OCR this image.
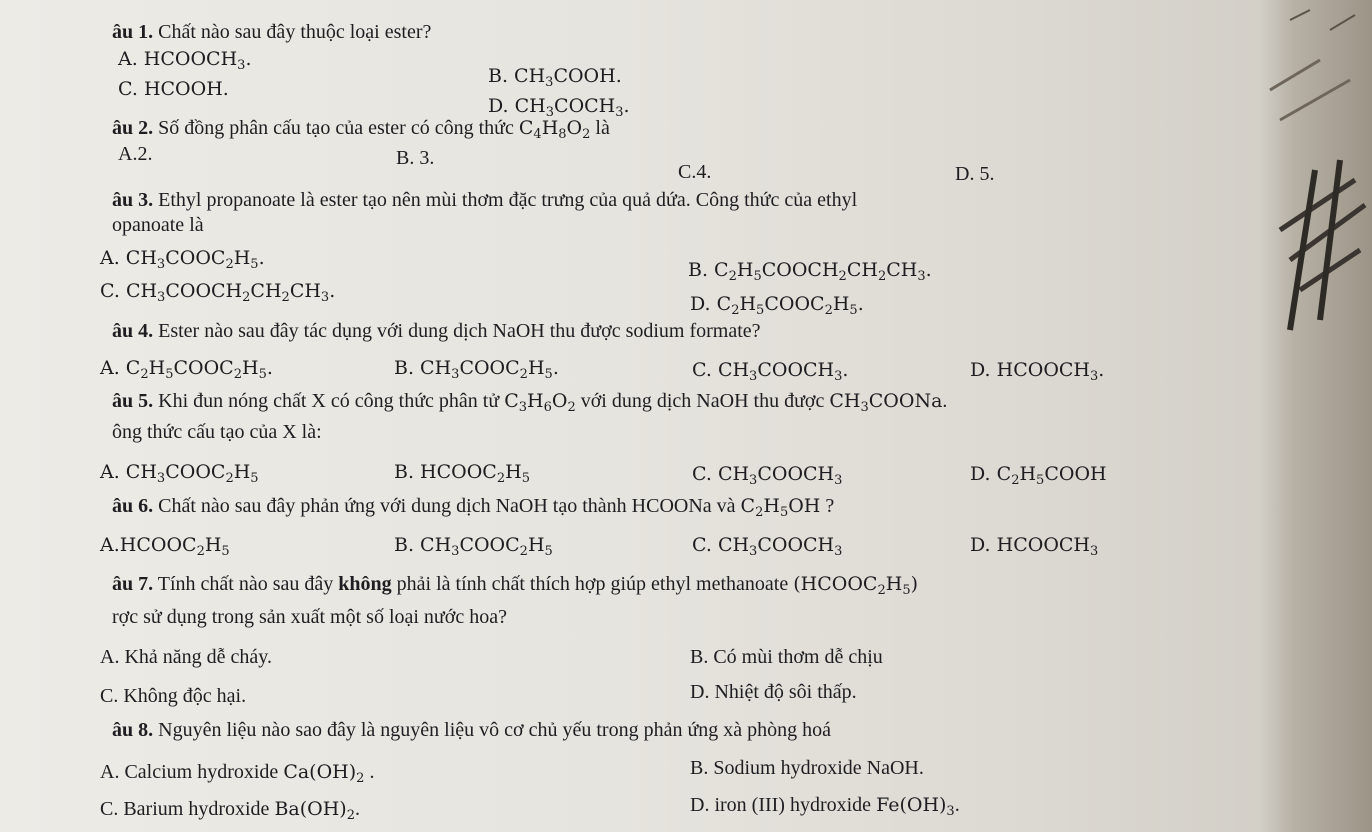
âu 1. Chất nào sau đây thuộc loại ester?
A. $HCOOCH_3$.
B. $CH_3COOH$.
C. HCOOH.
D. $CH_3COCH_3$.
âu 2. Số đồng phân cấu tạo của ester có công thức $C_4H_8O_2$ là
A.2.	B. 3.
C.4.	D. 5.
âu 3. Ethyl propanoate là ester tạo nên mùi thơm đặc trưng của quả dứa. Công thức của ethyl
opanoate là
A. $CH_3COOC_2H_5$.
B. $C_2H_5COOCH_2CH_2CH_3$.
C. $CH_3COOCH_2CH_2CH_3$.
D. $C_2H_5COOC_2H_5$.
âu 4. Ester nào sau đây tác dụng với dung dịch NaOH thu được sodium formate?
A. $C_2H_5COOC_2H_5$.	B. $CH_3COOC_2H_5$.	C. $CH_3COOCH_3$.	D. $HCOOCH_3$.
âu 5. Khi đun nóng chất X có công thức phân tử $C_3H_6O_2$ với dung dịch NaOH thu được $CH_3COONa$.
ông thức cấu tạo của X là:
A. $CH_3COOC_2H_5$	B. $HCOOC_2H_5$	C. $CH_3COOCH_3$	D. $C_2H_5COOH$
âu 6. Chất nào sau đây phản ứng với dung dịch NaOH tạo thành HCOONa và $C_2H_5OH$ ?
$A.HCOOC_2H_5$	B. $CH_3COOC_2H_5$	C. $CH_3COOCH_3$	D. $HCOOCH_3$
âu 7. Tính chất nào sau đây không phải là tính chất thích hợp giúp ethyl methanoate $(HCOOC_2H_5)$
rợc sử dụng trong sản xuất một số loại nước hoa?
A. Khả năng dễ cháy.	B. Có mùi thơm dễ chịu
C. Không độc hại.	D. Nhiệt độ sôi thấp.
âu 8. Nguyên liệu nào sao đây là nguyên liệu vô cơ chủ yếu trong phản ứng xà phòng hoá
A. Calcium hydroxide $Ca(OH)_2$ .	B. Sodium hydroxide NaOH.
C. Barium hydroxide $Ba(OH)_2$.	D. iron (III) hydroxide $Fe(OH)_3$.
